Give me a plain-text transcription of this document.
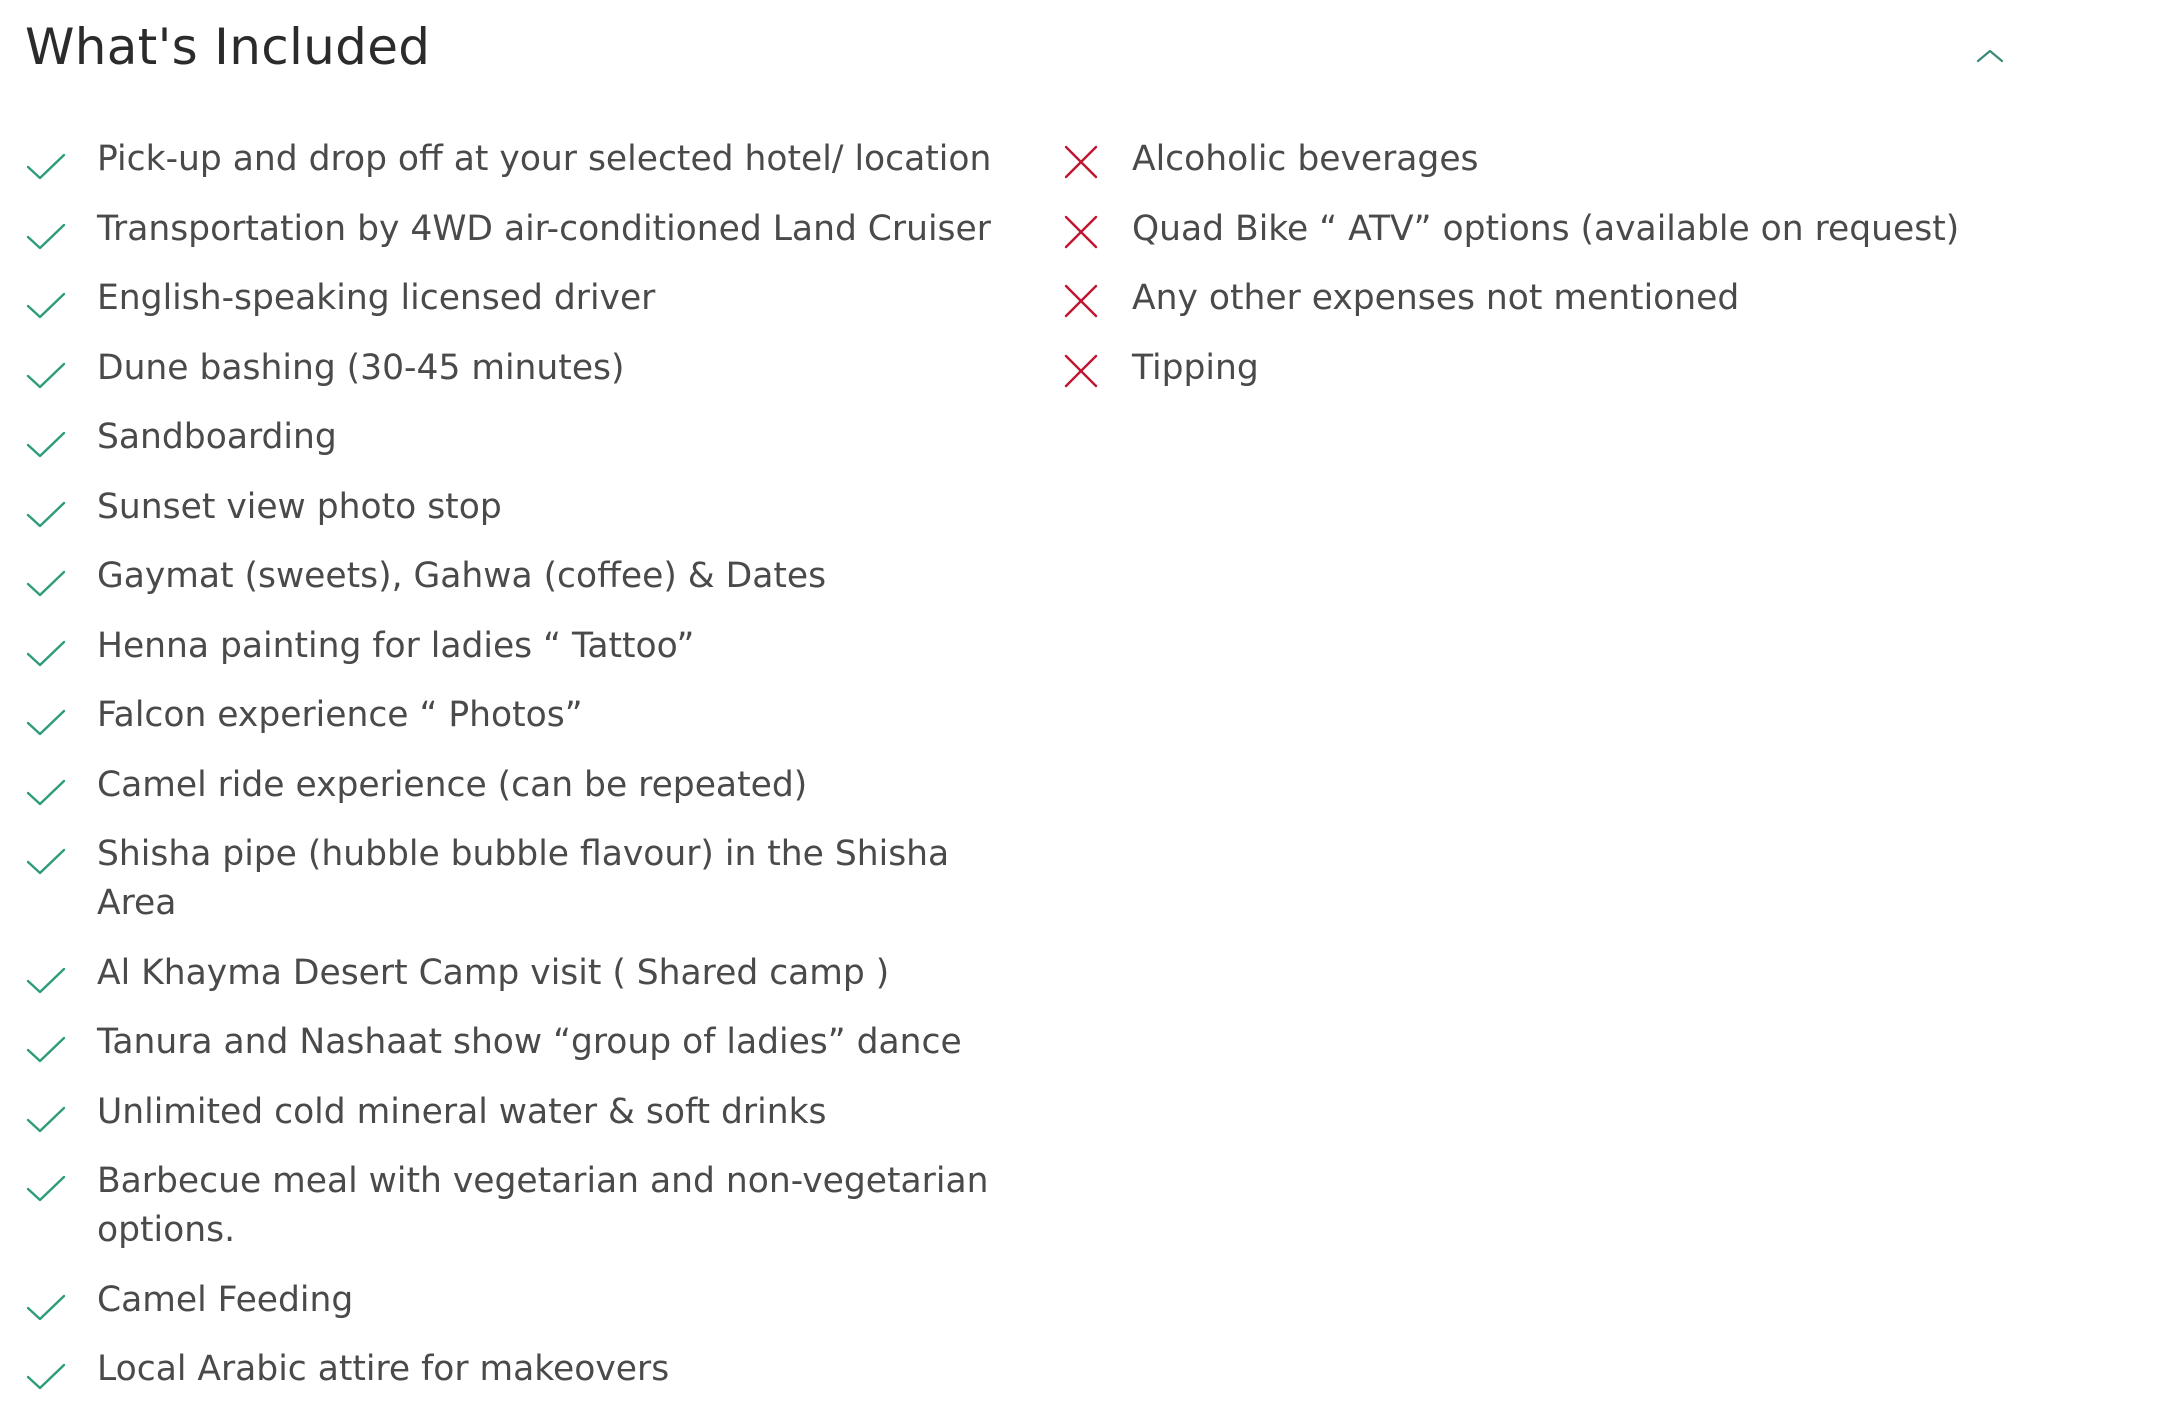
What's Included
Pick-up and drop off at your selected hotel/ location
Transportation by 4WD air-conditioned Land Cruiser
English-speaking licensed driver
Dune bashing (30-45 minutes)
Sandboarding
Sunset view photo stop
Gaymat (sweets), Gahwa (coffee) & Dates
Henna painting for ladies “ Tattoo”
Falcon experience “ Photos”
Camel ride experience (can be repeated)
Shisha pipe (hubble bubble flavour) in the Shisha Area
Al Khayma Desert Camp visit ( Shared camp )
Tanura and Nashaat show “group of ladies” dance
Unlimited cold mineral water & soft drinks
Barbecue meal with vegetarian and non-vegetarian options.
Camel Feeding
Local Arabic attire for makeovers
Alcoholic beverages
Quad Bike “ ATV” options (available on request)
Any other expenses not mentioned
Tipping
